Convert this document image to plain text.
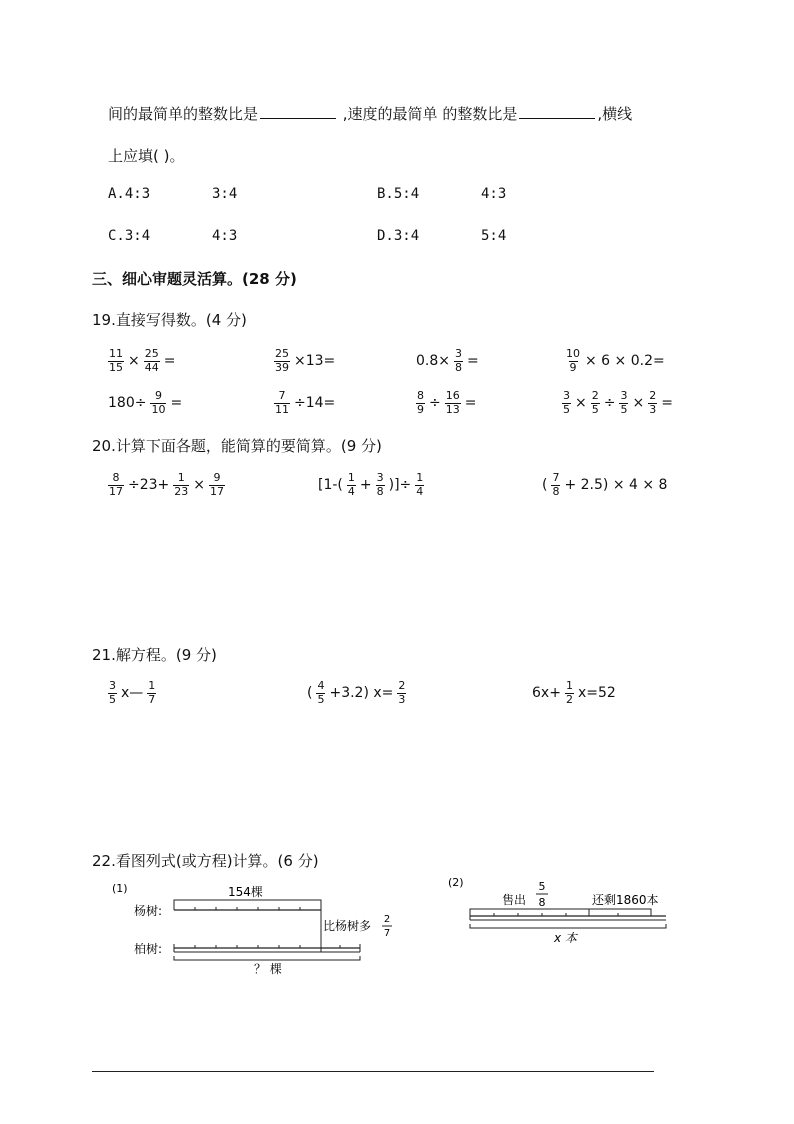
间的最简单的整数比是	,速度的最简单 的整数比是	,横线
上应填( )。
A.4:3	3:4	B.5:4	4:3
C.3:4	4:3	D.3:4	5:4
三、细心审题灵活算。(28 分)
19.直接写得数。(4 分)
$\frac{11}{15} \times \frac{25}{44}$ =	$\frac{25}{39} \times 13=$	$0.8\times \frac{3}{8}$ =	$\frac{10}{9} \times 6 \times 0.2=$
$180\div \frac{9}{10}$ =	$\frac{7}{11} \div 14=$	$\frac{8}{9} \div \frac{16}{13}$ =	$\frac{3}{5} \times \frac{2}{5} \div \frac{3}{5} \times \frac{2}{3}$ =
20.计算下面各题，能简算的要简算。(9 分)
$\frac{8}{17} \div 23+ \frac{1}{23} \times \frac{9}{17}$	[$1-( \frac{1}{4} + \frac{3}{8}$ )]÷ $\frac{1}{4}$	( $\frac{7}{8} + 2.5) \times 4 \times 8$
21.解方程。(9 分)
$\frac{3}{5}$ x— $\frac{1}{7}$	( $\frac{4}{5} +3.2$) $x= \frac{2}{3}$	$6x+ \frac{1}{2} x=52$
22.看图列式(或方程)计算。(6 分)
(1)
杨树:
柏树:
154棵
比杨树多 2
7
？ 棵
(2)
售出
5
8	还剩1860本
x 本
